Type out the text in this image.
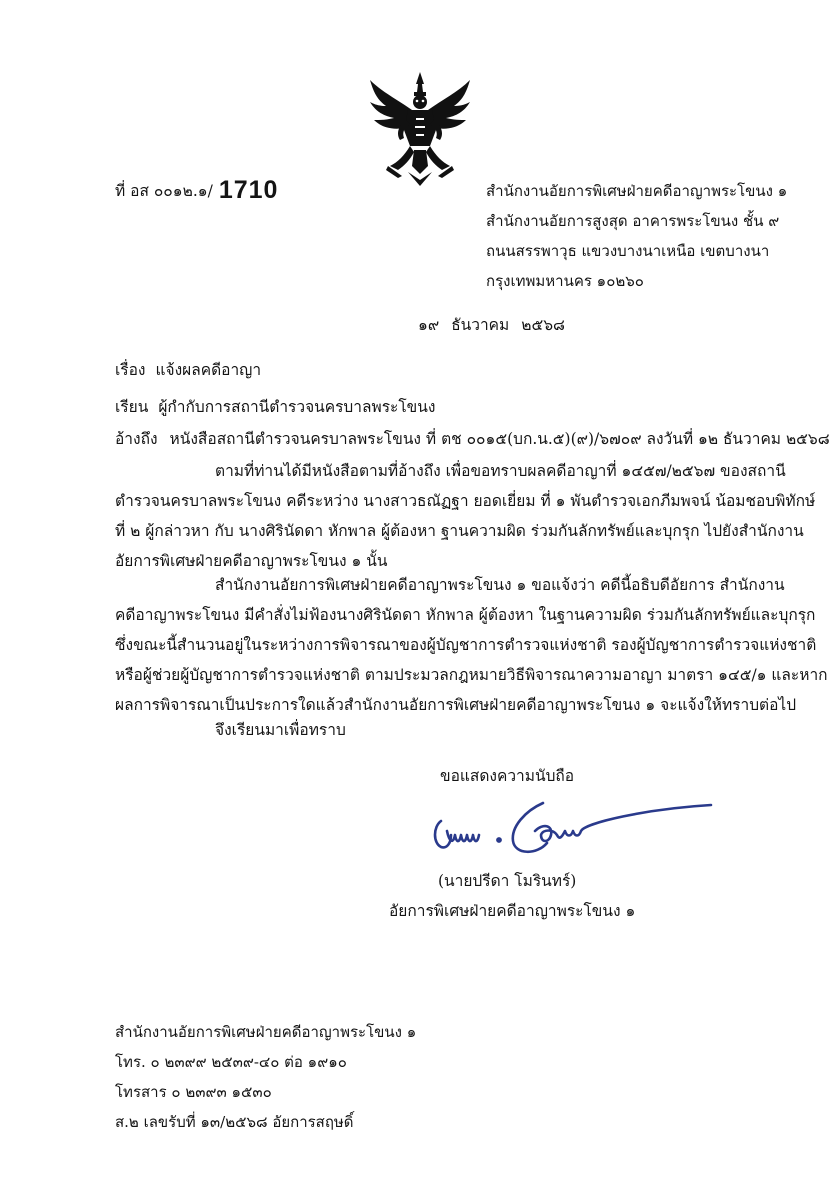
ที่ อส ๐๐๑๒.๑/ 1710	สำนักงานอัยการพิเศษฝ่ายคดีอาญาพระโขนง ๑
สำนักงานอัยการสูงสุด อาคารพระโขนง ชั้น ๙
ถนนสรรพาวุธ แขวงบางนาเหนือ เขตบางนา
กรุงเทพมหานคร ๑๐๒๖๐
๑๙ ธันวาคม ๒๕๖๘
เรื่อง แจ้งผลคดีอาญา
เรียน ผู้กำกับการสถานีตำรวจนครบาลพระโขนง
อ้างถึง หนังสือสถานีตำรวจนครบาลพระโขนง ที่ ตช ๐๐๑๕(บก.น.๕)(๙)/๖๗๐๙ ลงวันที่ ๑๒ ธันวาคม ๒๕๖๘
ตามที่ท่านได้มีหนังสือตามที่อ้างถึง เพื่อขอทราบผลคดีอาญาที่ ๑๔๕๗/๒๕๖๗ ของสถานี
ตำรวจนครบาลพระโขนง คดีระหว่าง นางสาวธณัฏฐา ยอดเยี่ยม ที่ ๑ พันตำรวจเอกภีมพจน์ น้อมชอบพิทักษ์
ที่ ๒ ผู้กล่าวหา กับ นางศิรินัดดา หักพาล ผู้ต้องหา ฐานความผิด ร่วมกันลักทรัพย์และบุกรุก ไปยังสำนักงาน
อัยการพิเศษฝ่ายคดีอาญาพระโขนง ๑ นั้น
สำนักงานอัยการพิเศษฝ่ายคดีอาญาพระโขนง ๑ ขอแจ้งว่า คดีนี้อธิบดีอัยการ สำนักงาน
คดีอาญาพระโขนง มีคำสั่งไม่ฟ้องนางศิรินัดดา หักพาล ผู้ต้องหา ในฐานความผิด ร่วมกันลักทรัพย์และบุกรุก
ซึ่งขณะนี้สำนวนอยู่ในระหว่างการพิจารณาของผู้บัญชาการตำรวจแห่งชาติ รองผู้บัญชาการตำรวจแห่งชาติ
หรือผู้ช่วยผู้บัญชาการตำรวจแห่งชาติ ตามประมวลกฎหมายวิธีพิจารณาความอาญา มาตรา ๑๔๕/๑ และหาก
ผลการพิจารณาเป็นประการใดแล้วสำนักงานอัยการพิเศษฝ่ายคดีอาญาพระโขนง ๑ จะแจ้งให้ทราบต่อไป
จึงเรียนมาเพื่อทราบ
ขอแสดงความนับถือ
(นายปรีดา โมรินทร์)
อัยการพิเศษฝ่ายคดีอาญาพระโขนง ๑
สำนักงานอัยการพิเศษฝ่ายคดีอาญาพระโขนง ๑
โทร. ๐ ๒๓๙๙ ๒๕๓๙-๔๐ ต่อ ๑๙๑๐
โทรสาร ๐ ๒๓๙๓ ๑๕๓๐
ส.๒ เลขรับที่ ๑๓/๒๕๖๘ อัยการสฤษดิ์
